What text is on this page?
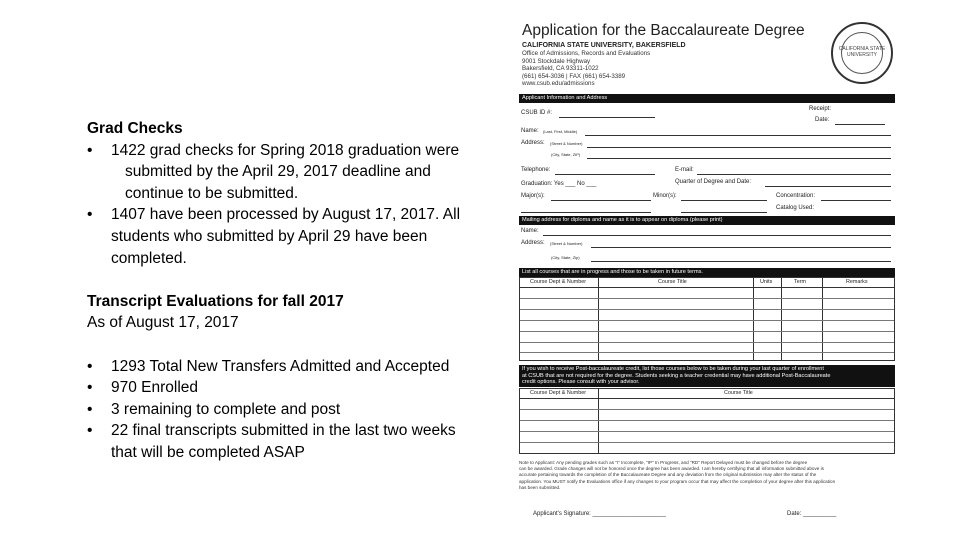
Grad Checks

• 1422 grad checks for Spring 2018 graduation were
submitted by the April 29, 2017 deadline and
continue to be submitted.
• 1407 have been processed by August 17, 2017. All
students who submitted by April 29 have been
completed.

Transcript Evaluations for fall 2017

As of August 17, 2017

• 1293 Total New Transfers Admitted and Accepted
• 970 Enrolled
• 3 remaining to complete and post
• 22 final transcripts submitted in the last two weeks
that will be completed ASAP
Application for the Baccalaureate Degree
CALIFORNIA STATE UNIVERSITY, BAKERSFIELD
Office of Admissions, Records and Evaluations
9001 Stockdale Highway
Bakersfield, CA 93311-1022
(661) 654-3036 | FAX (661) 654-3389
www.csub.edu/admissions
CALIFORNIA STATE UNIVERSITY
Applicant Information and Address
Receipt:
CSUB ID #:
Date:
Name: (Last, First, Middle)
Address: (Street & Number)
(City, State, ZIP)
Telephone:	E-mail:
Graduation: Yes ___ No ___	Quarter of Degree and Date:
Major(s):	Minor(s):	Concentration:
Catalog Used:
Mailing address for diploma and name as it is to appear on diploma (please print)
Name:
Address: (Street & Number)
(City, State, Zip)
List all courses that are in progress and those to be taken in future terms.
Course Dept & Number	Course Title	Units	Term	Remarks
If you wish to receive Post-baccalaureate credit, list those courses below to be taken during your last quarter of enrollment
at CSUB that are not required for the degree. Students seeking a teacher credential may have additional Post-Baccalaureate
credit options. Please consult with your advisor.
Course Dept & Number	Course Title
Note to Applicant: Any pending grades such as "I" Incomplete, "IP" In Progress, and "RD" Report Delayed must be changed before the degree
can be awarded. Grade changes will not be honored once the degree has been awarded. I am hereby certifying that all information submitted above is
accurate pertaining towards the completion of the Baccalaureate Degree and any deviation from the original submission may alter the status of the
application. You MUST notify the Evaluations office if any changes to your program occur that may affect the completion of your degree after this application
has been submitted.
Applicant's Signature: ______________________	Date: __________
